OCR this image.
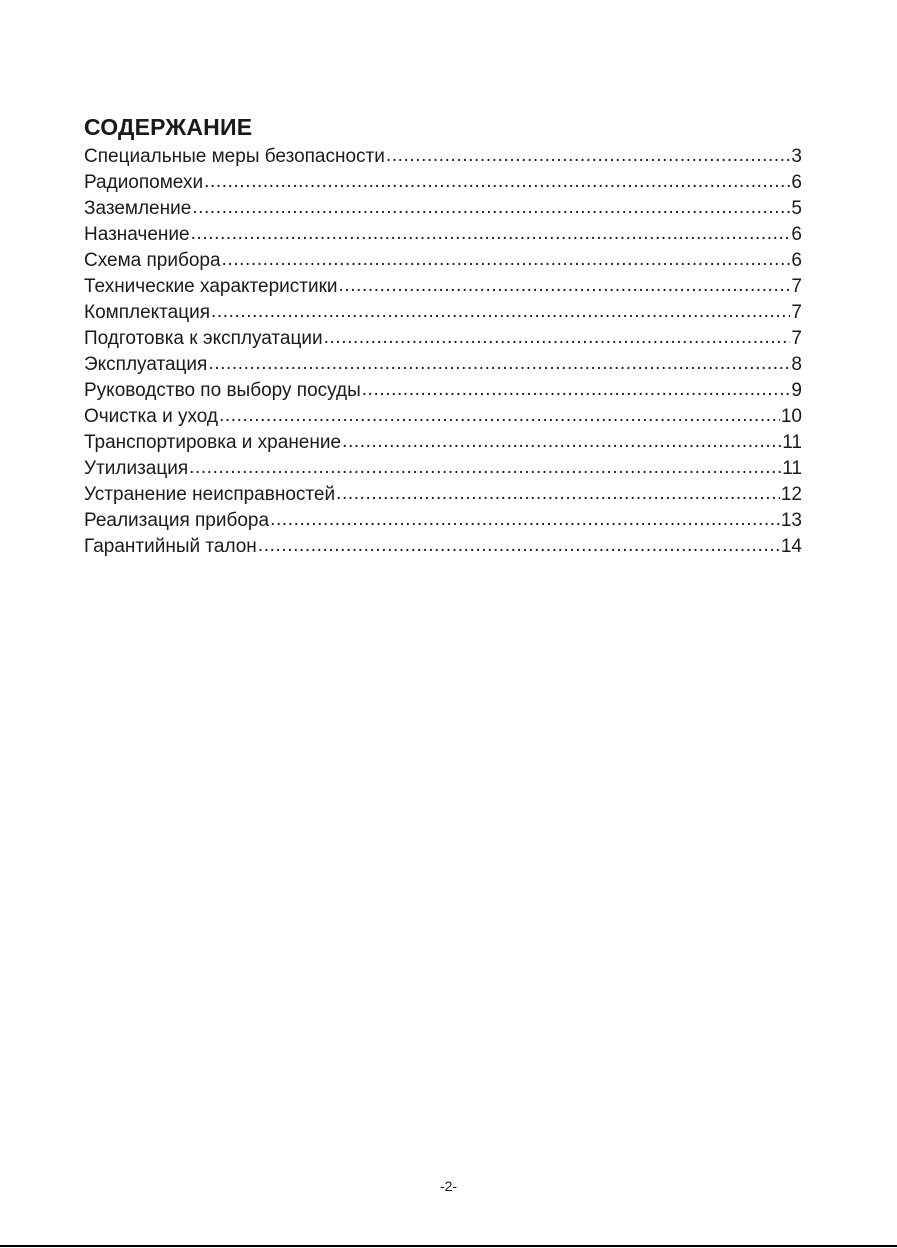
СОДЕРЖАНИЕ
Специальные меры безопасности .....	3
Радиопомехи .....	6
Заземление .....	5
Назначение .....	6
Схема прибора .....	6
Технические характеристики .....	7
Комплектация .....	7
Подготовка к эксплуатации .....	7
Эксплуатация .....	8
Руководство по выбору посуды .....	9
Очистка и уход .....	10
Транспортировка и хранение .....	11
Утилизация .....	11
Устранение неисправностей .....	12
Реализация прибора .....	13
Гарантийный талон .....	14
-2-
